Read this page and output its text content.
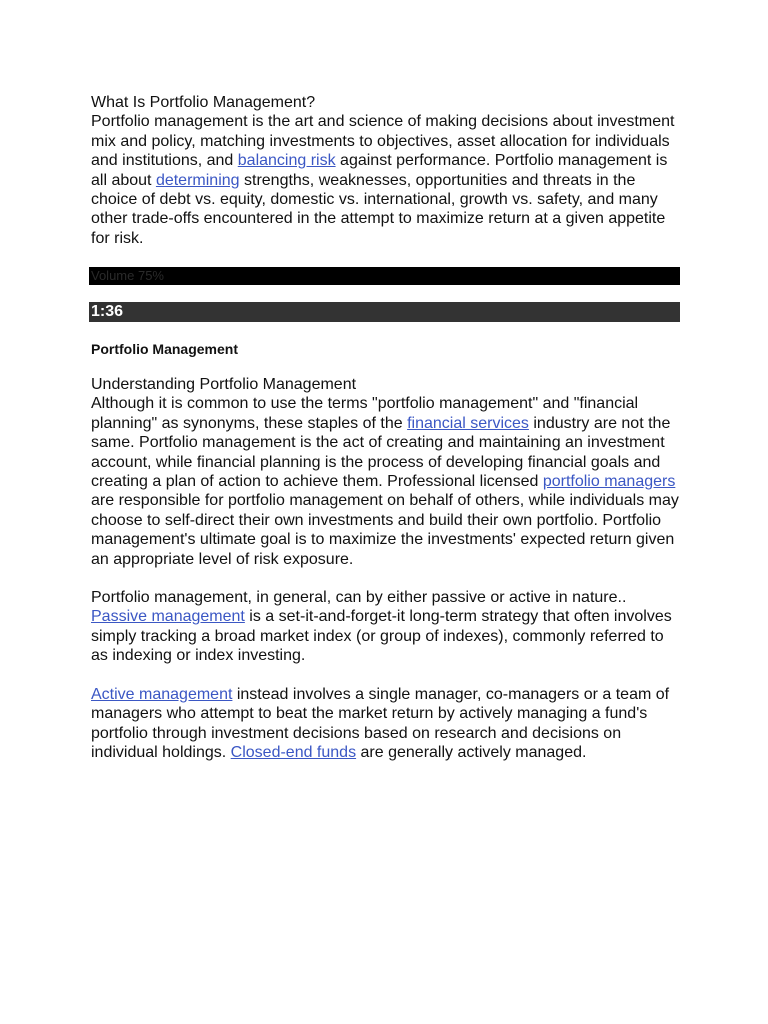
What Is Portfolio Management?

Portfolio management is the art and science of making decisions about investment mix and policy, matching investments to objectives, asset allocation for individuals and institutions, and balancing risk against performance. Portfolio management is all about determining strengths, weaknesses, opportunities and threats in the choice of debt vs. equity, domestic vs. international, growth vs. safety, and many other trade-offs encountered in the attempt to maximize return at a given appetite for risk.

Volume 75%
1:36

Portfolio Management

Understanding Portfolio Management

Although it is common to use the terms "portfolio management" and "financial planning" as synonyms, these staples of the financial services industry are not the same. Portfolio management is the act of creating and maintaining an investment account, while financial planning is the process of developing financial goals and creating a plan of action to achieve them. Professional licensed portfolio managers are responsible for portfolio management on behalf of others, while individuals may choose to self-direct their own investments and build their own portfolio. Portfolio management's ultimate goal is to maximize the investments' expected return given an appropriate level of risk exposure.

Portfolio management, in general, can by either passive or active in nature.. Passive management is a set-it-and-forget-it long-term strategy that often involves simply tracking a broad market index (or group of indexes), commonly referred to as indexing or index investing.

Active management instead involves a single manager, co-managers or a team of managers who attempt to beat the market return by actively managing a fund's portfolio through investment decisions based on research and decisions on individual holdings. Closed-end funds are generally actively managed.
